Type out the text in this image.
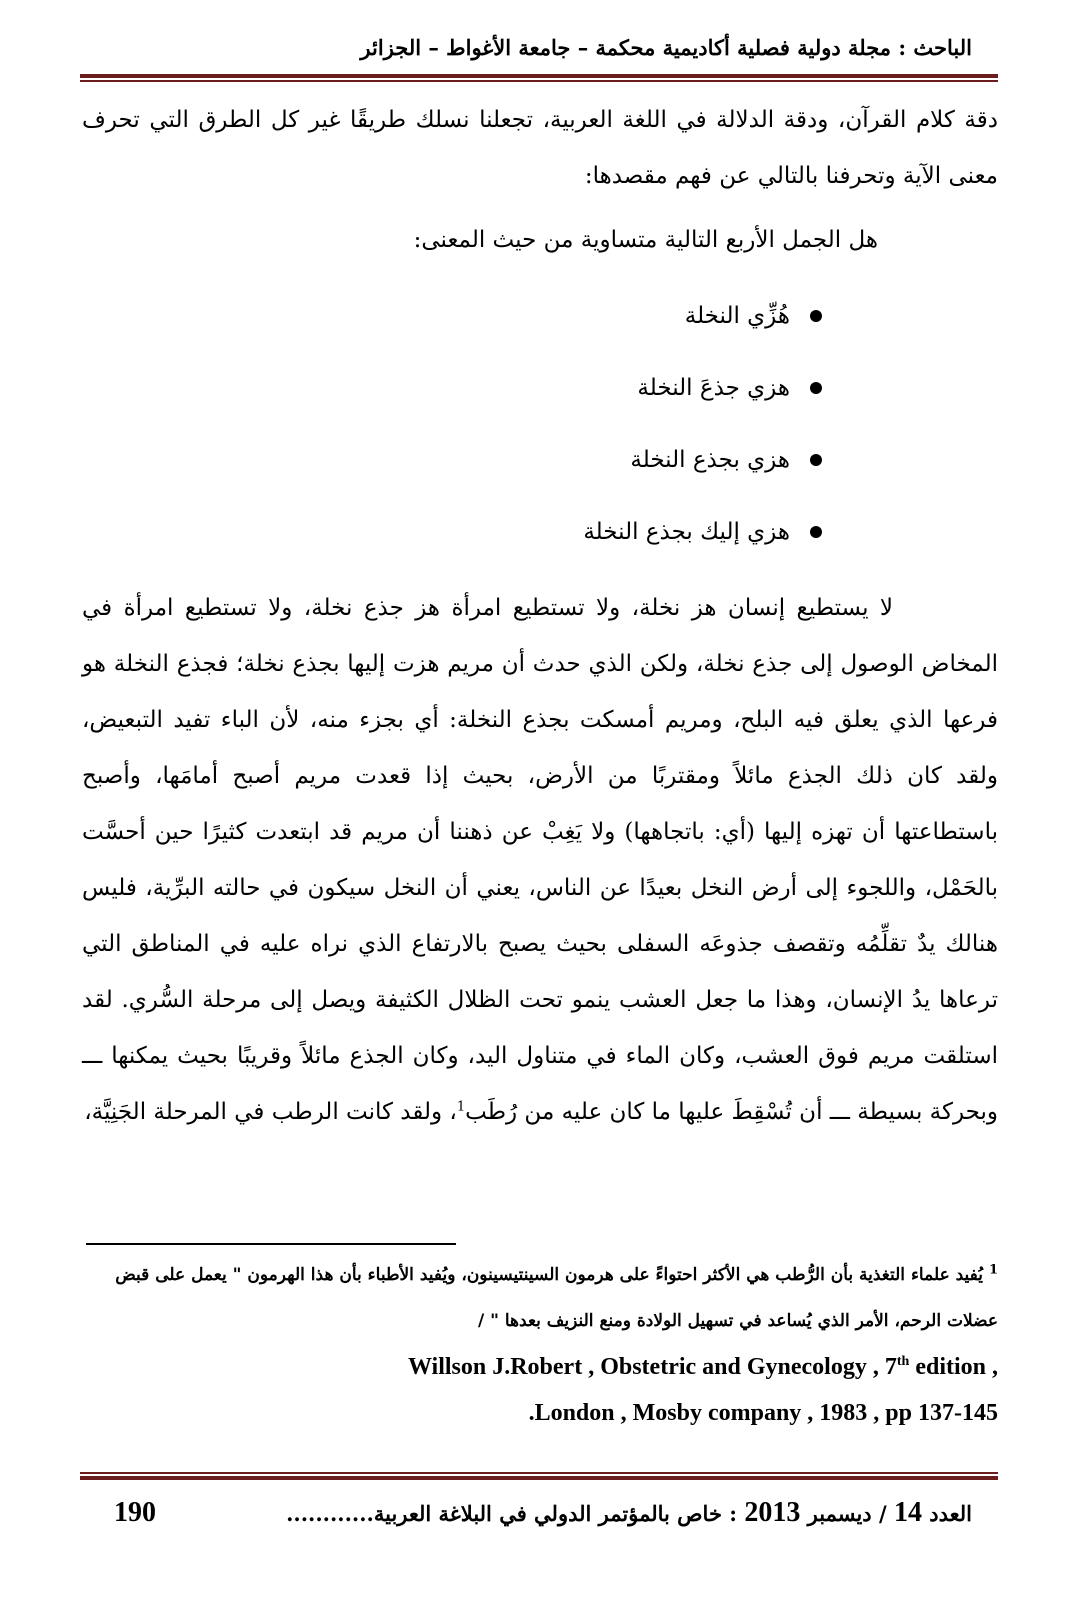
الباحث : مجلة دولية فصلية أكاديمية محكمة – جامعة الأغواط – الجزائر

دقة كلام القرآن، ودقة الدلالة في اللغة العربية، تجعلنا نسلك طريقًا غير كل الطرق التي تحرف معنى الآية وتحرفنا بالتالي عن فهم مقصدها:

هل الجمل الأربع التالية متساوية من حيث المعنى:

هُزِّي النخلة
هزي جذعَ النخلة
هزي بجذع النخلة
هزي إليك بجذع النخلة

لا يستطيع إنسان هز نخلة، ولا تستطيع امرأة هز جذع نخلة، ولا تستطيع امرأة في المخاض الوصول إلى جذع نخلة، ولكن الذي حدث أن مريم هزت إليها بجذع نخلة؛ فجذع النخلة هو فرعها الذي يعلق فيه البلح، ومريم أمسكت بجذع النخلة: أي بجزء منه، لأن الباء تفيد التبعيض، ولقد كان ذلك الجذع مائلاً ومقتربًا من الأرض، بحيث إذا قعدت مريم أصبح أمامَها، وأصبح باستطاعتها أن تهزه إليها (أي: باتجاهها) ولا يَغِبْ عن ذهننا أن مريم قد ابتعدت كثيرًا حين أحسَّت بالحَمْل، واللجوء إلى أرض النخل بعيدًا عن الناس، يعني أن النخل سيكون في حالته البرِّية، فليس هنالك يدٌ تقلِّمُه وتقصف جذوعَه السفلى بحيث يصبح بالارتفاع الذي نراه عليه في المناطق التي ترعاها يدُ الإنسان، وهذا ما جعل العشب ينمو تحت الظلال الكثيفة ويصل إلى مرحلة السُّري. لقد استلقت مريم فوق العشب، وكان الماء في متناول اليد، وكان الجذع مائلاً وقريبًا بحيث يمكنها ـــ وبحركة بسيطة ـــ أن تُسْقِطَ عليها ما كان عليه من رُطَب$^1$، ولقد كانت الرطب في المرحلة الجَنِيَّة،

$^1$ يُفيد علماء التغذية بأن الرُّطب هي الأكثر احتواءً على هرمون السينتيسينون، ويُفيد الأطباء بأن هذا الهرمون " يعمل على قبض عضلات الرحم، الأمر الذي يُساعد في تسهيل الولادة ومنع النزيف بعدها " /

Willson J.Robert , Obstetric and Gynecology , 7th edition ,

.London , Mosby company , 1983 , pp 137-145

190	العدد 14 / ديسمبر 2013 : خاص بالمؤتمر الدولي في البلاغة العربية............
